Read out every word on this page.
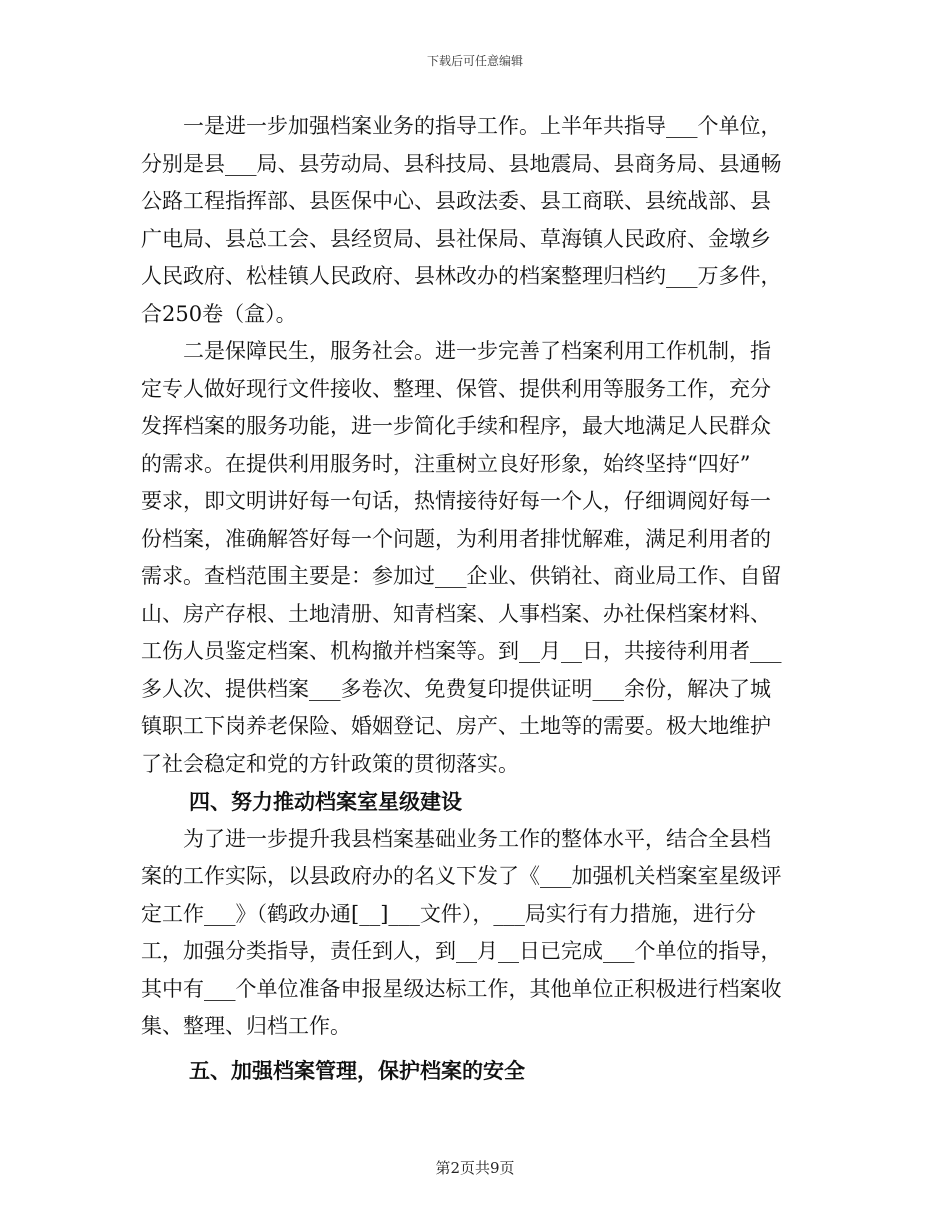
下载后可任意编辑
一是进一步加强档案业务的指导工作。上半年共指导___个单位，
分别是县___局、县劳动局、县科技局、县地震局、县商务局、县通畅
公路工程指挥部、县医保中心、县政法委、县工商联、县统战部、县
广电局、县总工会、县经贸局、县社保局、草海镇人民政府、金墩乡
人民政府、松桂镇人民政府、县林改办的档案整理归档约___万多件，
合250卷（盒）。
二是保障民生，服务社会。进一步完善了档案利用工作机制，指
定专人做好现行文件接收、整理、保管、提供利用等服务工作，充分
发挥档案的服务功能，进一步简化手续和程序，最大地满足人民群众
的需求。在提供利用服务时，注重树立良好形象，始终坚持“四好”
要求，即文明讲好每一句话，热情接待好每一个人，仔细调阅好每一
份档案，准确解答好每一个问题，为利用者排忧解难，满足利用者的
需求。查档范围主要是：参加过___企业、供销社、商业局工作、自留
山、房产存根、土地清册、知青档案、人事档案、办社保档案材料、
工伤人员鉴定档案、机构撤并档案等。到__月__日，共接待利用者___
多人次、提供档案___多卷次、免费复印提供证明___余份，解决了城
镇职工下岗养老保险、婚姻登记、房产、土地等的需要。极大地维护
了社会稳定和党的方针政策的贯彻落实。
四、努力推动档案室星级建设
为了进一步提升我县档案基础业务工作的整体水平，结合全县档
案的工作实际，以县政府办的名义下发了《___加强机关档案室星级评
定工作___》（鹤政办通[__]___文件），___局实行有力措施，进行分
工，加强分类指导，责任到人，到__月__日已完成___个单位的指导，
其中有___个单位准备申报星级达标工作，其他单位正积极进行档案收
集、整理、归档工作。
五、加强档案管理，保护档案的安全
第2页共9页
